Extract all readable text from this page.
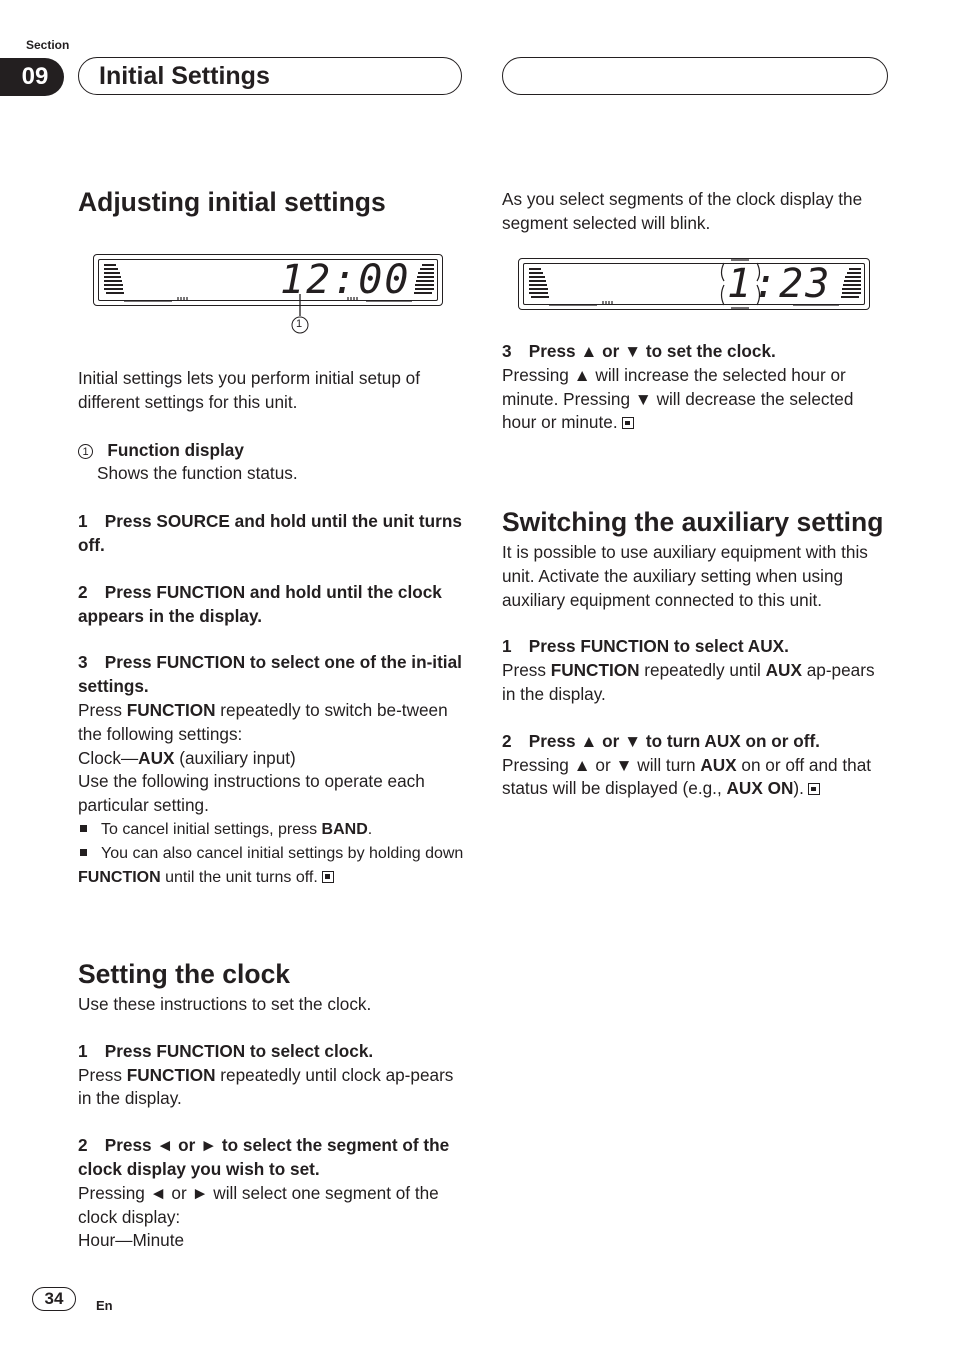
Section
09	Initial Settings
Adjusting initial settings
12:00
1

Initial settings lets you perform initial setup of different settings for this unit.

1 Function display

Shows the function status.

1 Press SOURCE and hold until the unit turns off.

2 Press FUNCTION and hold until the clock appears in the display.

3 Press FUNCTION to select one of the in-itial settings.

Press FUNCTION repeatedly to switch be-tween the following settings:

Clock—AUX (auxiliary input)

Use the following instructions to operate each particular setting.

To cancel initial settings, press BAND.

You can also cancel initial settings by holding down FUNCTION until the unit turns off.

Setting the clock

Use these instructions to set the clock.

1 Press FUNCTION to select clock.

Press FUNCTION repeatedly until clock ap-pears in the display.

2 Press ◄ or ► to select the segment of the clock display you wish to set.

Pressing ◄ or ► will select one segment of the clock display:

Hour—Minute

As you select segments of the clock display the segment selected will blink.

1:23

3 Press ▲ or ▼ to set the clock.

Pressing ▲ will increase the selected hour or minute. Pressing ▼ will decrease the selected hour or minute.

Switching the auxiliary setting

It is possible to use auxiliary equipment with this unit. Activate the auxiliary setting when using auxiliary equipment connected to this unit.

1 Press FUNCTION to select AUX.

Press FUNCTION repeatedly until AUX ap-pears in the display.

2 Press ▲ or ▼ to turn AUX on or off.

Pressing ▲ or ▼ will turn AUX on or off and that status will be displayed (e.g., AUX ON).

34	En
